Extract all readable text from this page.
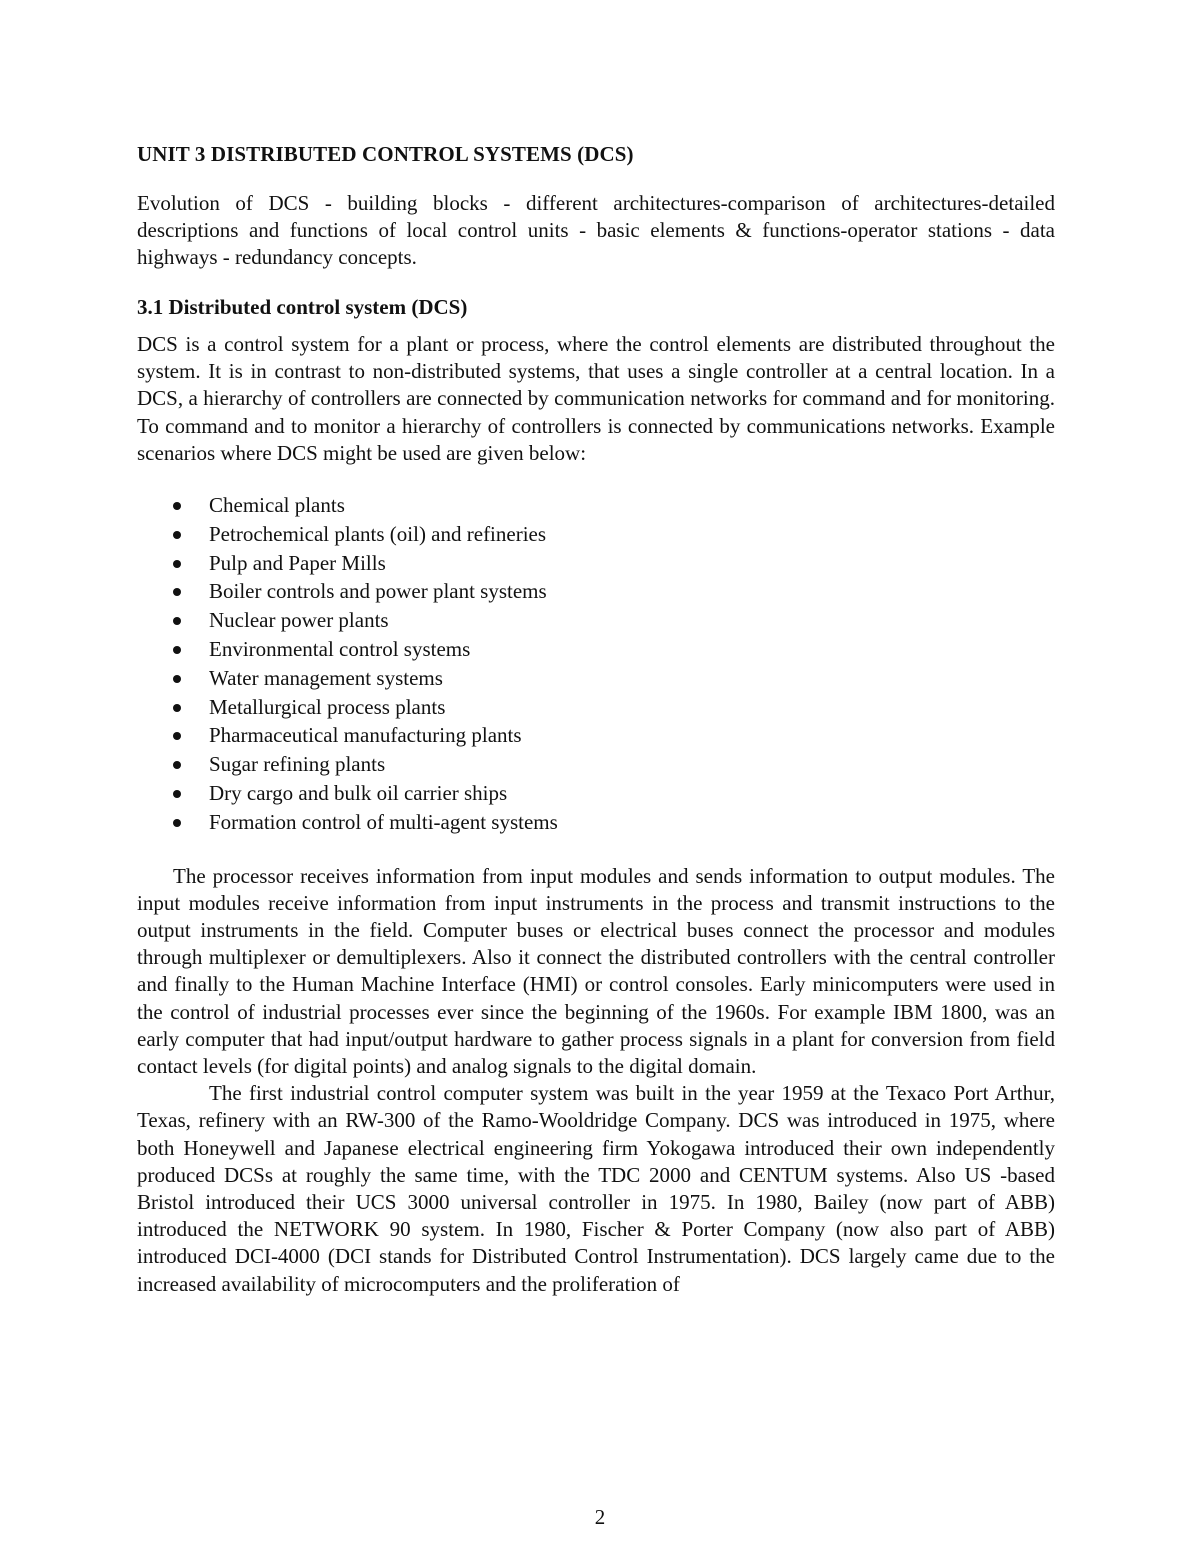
UNIT 3 DISTRIBUTED CONTROL SYSTEMS (DCS)

Evolution of DCS - building blocks - different architectures-comparison of architectures-detailed descriptions and functions of local control units - basic elements & functions-operator stations - data highways - redundancy concepts.

3.1 Distributed control system (DCS)

DCS is a control system for a plant or process, where the control elements are distributed throughout the system. It is in contrast to non-distributed systems, that uses a single controller at a central location. In a DCS, a hierarchy of controllers are connected by communication networks for command and for monitoring. To command and to monitor a hierarchy of controllers is connected by communications networks. Example scenarios where DCS might be used are given below:

Chemical plants
Petrochemical plants (oil) and refineries
Pulp and Paper Mills
Boiler controls and power plant systems
Nuclear power plants
Environmental control systems
Water management systems
Metallurgical process plants
Pharmaceutical manufacturing plants
Sugar refining plants
Dry cargo and bulk oil carrier ships
Formation control of multi-agent systems

The processor receives information from input modules and sends information to output modules. The input modules receive information from input instruments in the process and transmit instructions to the output instruments in the field. Computer buses or electrical buses connect the processor and modules through multiplexer or demultiplexers. Also it connect the distributed controllers with the central controller and finally to the Human Machine Interface (HMI) or control consoles. Early minicomputers were used in the control of industrial processes ever since the beginning of the 1960s. For example IBM 1800, was an early computer that had input/output hardware to gather process signals in a plant for conversion from field contact levels (for digital points) and analog signals to the digital domain.

The first industrial control computer system was built in the year 1959 at the Texaco Port Arthur, Texas, refinery with an RW-300 of the Ramo-Wooldridge Company. DCS was introduced in 1975, where both Honeywell and Japanese electrical engineering firm Yokogawa introduced their own independently produced DCSs at roughly the same time, with the TDC 2000 and CENTUM systems. Also US -based Bristol introduced their UCS 3000 universal controller in 1975. In 1980, Bailey (now part of ABB) introduced the NETWORK 90 system. In 1980, Fischer & Porter Company (now also part of ABB) introduced DCI-4000 (DCI stands for Distributed Control Instrumentation). DCS largely came due to the increased availability of microcomputers and the proliferation of

2
